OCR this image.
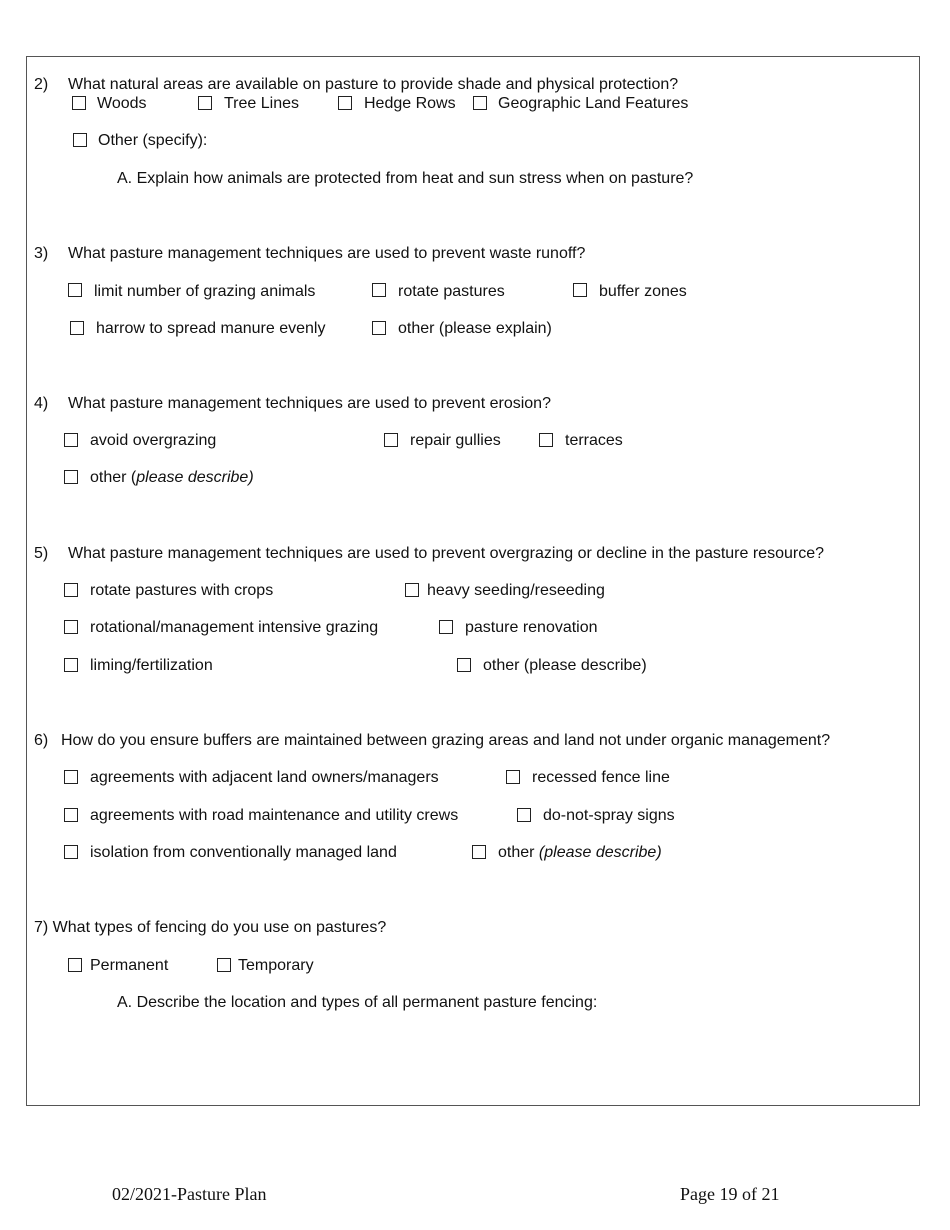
2) What natural areas are available on pasture to provide shade and physical protection?
Woods	Tree Lines	Hedge Rows	Geographic Land Features
Other (specify):
A. Explain how animals are protected from heat and sun stress when on pasture?
3) What pasture management techniques are used to prevent waste runoff?
limit number of grazing animals	rotate pastures	buffer zones
harrow to spread manure evenly	other (please explain)
4) What pasture management techniques are used to prevent erosion?
avoid overgrazing	repair gullies	terraces
other (please describe)
5) What pasture management techniques are used to prevent overgrazing or decline in the pasture resource?
rotate pastures with crops	heavy seeding/reseeding
rotational/management intensive grazing	pasture renovation
liming/fertilization	other (please describe)
6) How do you ensure buffers are maintained between grazing areas and land not under organic management?
agreements with adjacent land owners/managers	recessed fence line
agreements with road maintenance and utility crews	do-not-spray signs
isolation from conventionally managed land	other (please describe)
7) What types of fencing do you use on pastures?
Permanent	Temporary
A. Describe the location and types of all permanent pasture fencing:
02/2021-Pasture Plan	Page 19 of 21
